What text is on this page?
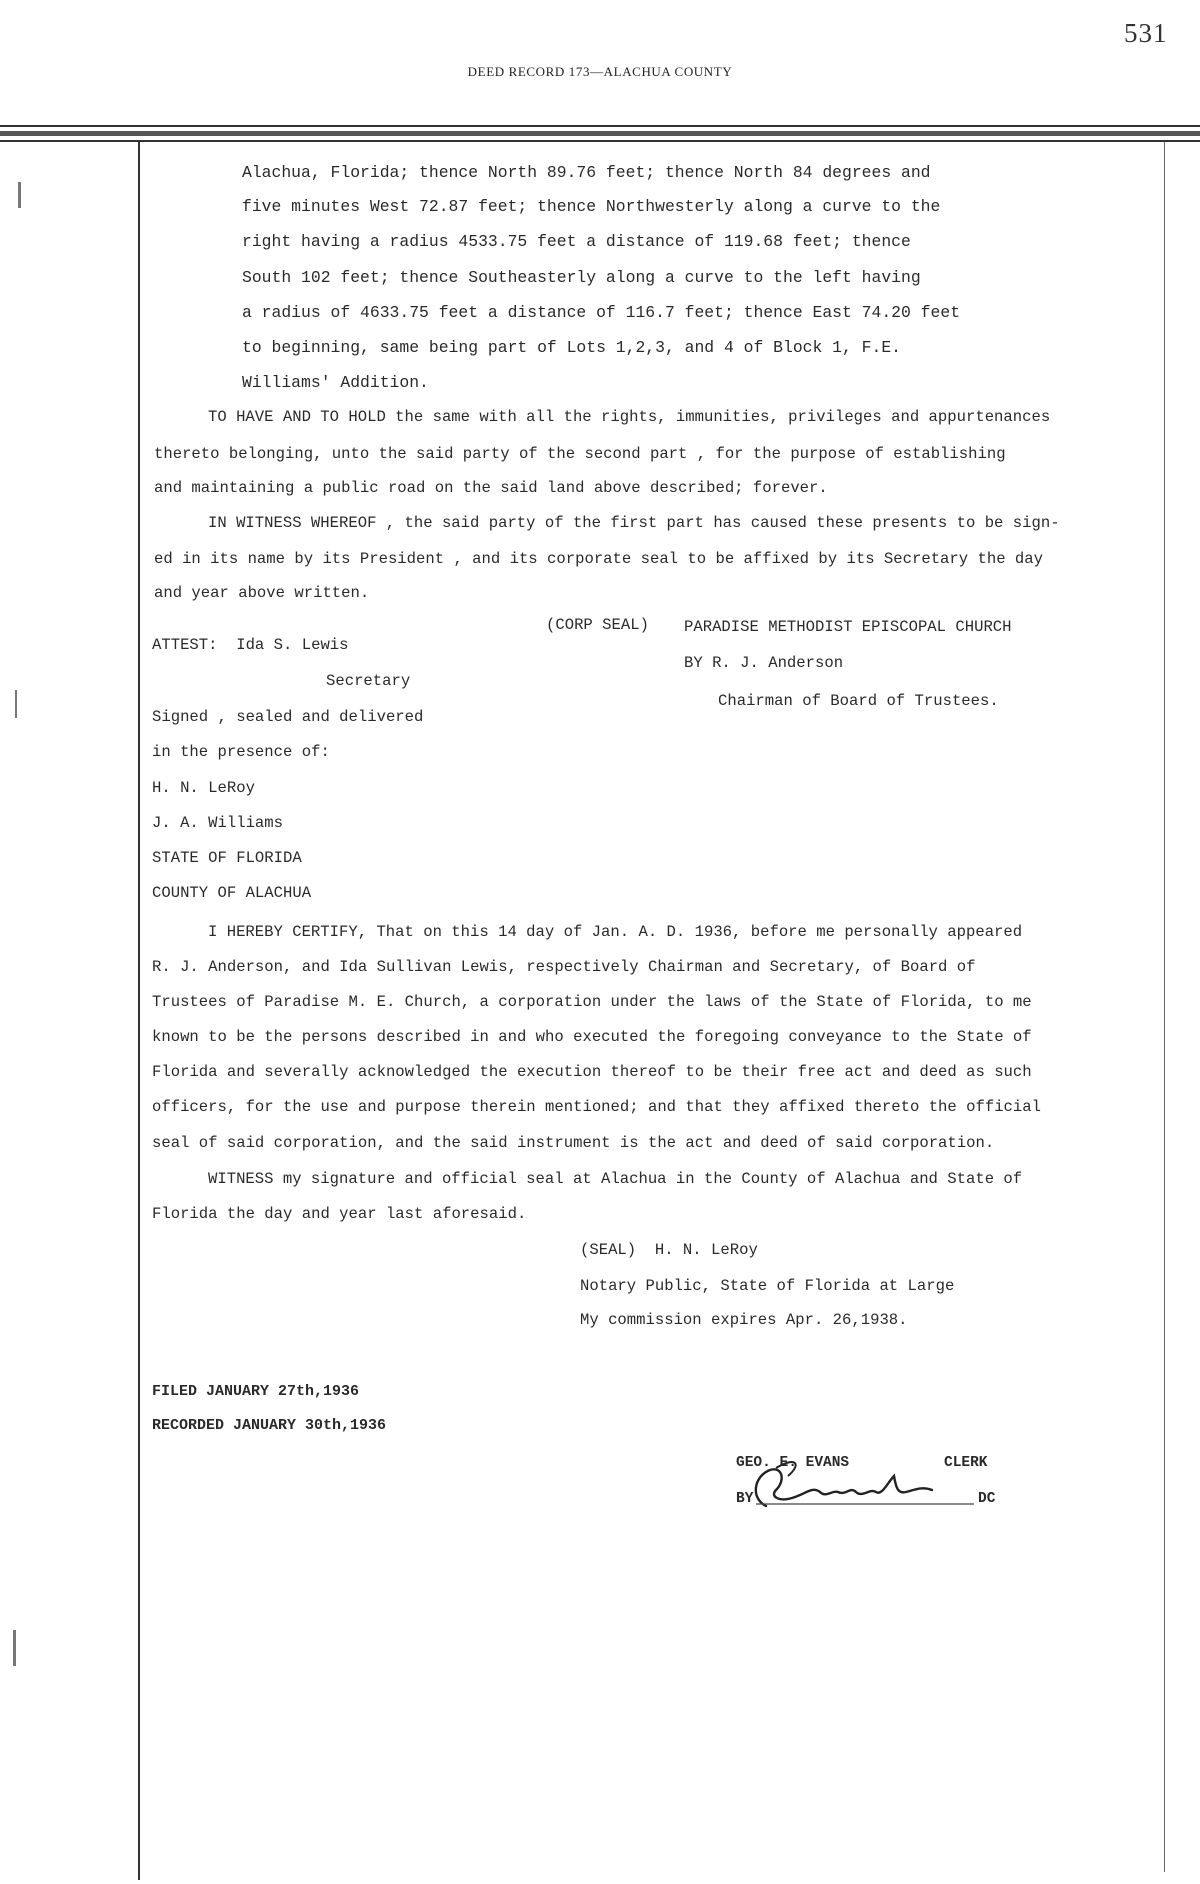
531
DEED RECORD 173—ALACHUA COUNTY
Alachua, Florida; thence North 89.76 feet; thence North 84 degrees and
five minutes West 72.87 feet; thence Northwesterly along a curve to the
right having a radius 4533.75 feet a distance of 119.68 feet; thence
South 102 feet; thence Southeasterly along a curve to the left having
a radius of 4633.75 feet a distance of 116.7 feet; thence East 74.20 feet
to beginning, same being part of Lots 1,2,3, and 4 of Block 1, F.E.
Williams' Addition.
TO HAVE AND TO HOLD the same with all the rights, immunities, privileges and appurtenances
thereto belonging, unto the said party of the second part , for the purpose of establishing
and maintaining a public road on the said land above described; forever.
IN WITNESS WHEREOF , the said party of the first part has caused these presents to be sign-
ed in its name by its President , and its corporate seal to be affixed by its Secretary the day
and year above written.
(CORP SEAL) PARADISE METHODIST EPISCOPAL CHURCH
BY R. J. Anderson
Chairman of Board of Trustees.
ATTEST:  Ida S. Lewis
Secretary
Signed , sealed and delivered
in the presence of:
H. N. LeRoy
J. A. Williams
STATE OF FLORIDA
COUNTY OF ALACHUA
I HEREBY CERTIFY, That on this 14 day of Jan. A. D. 1936, before me personally appeared
R. J. Anderson, and Ida Sullivan Lewis, respectively Chairman and Secretary, of Board of
Trustees of Paradise M. E. Church, a corporation under the laws of the State of Florida, to me
known to be the persons described in and who executed the foregoing conveyance to the State of
Florida and severally acknowledged the execution thereof to be their free act and deed as such
officers, for the use and purpose therein mentioned; and that they affixed thereto the official
seal of said corporation, and the said instrument is the act and deed of said corporation.
WITNESS my signature and official seal at Alachua in the County of Alachua and State of
Florida the day and year last aforesaid.
(SEAL)  H. N. LeRoy
Notary Public, State of Florida at Large
My commission expires Apr. 26,1938.
FILED JANUARY 27th,1936
RECORDED JANUARY 30th,1936
GEO. E. EVANS	CLERK
BY	DC
